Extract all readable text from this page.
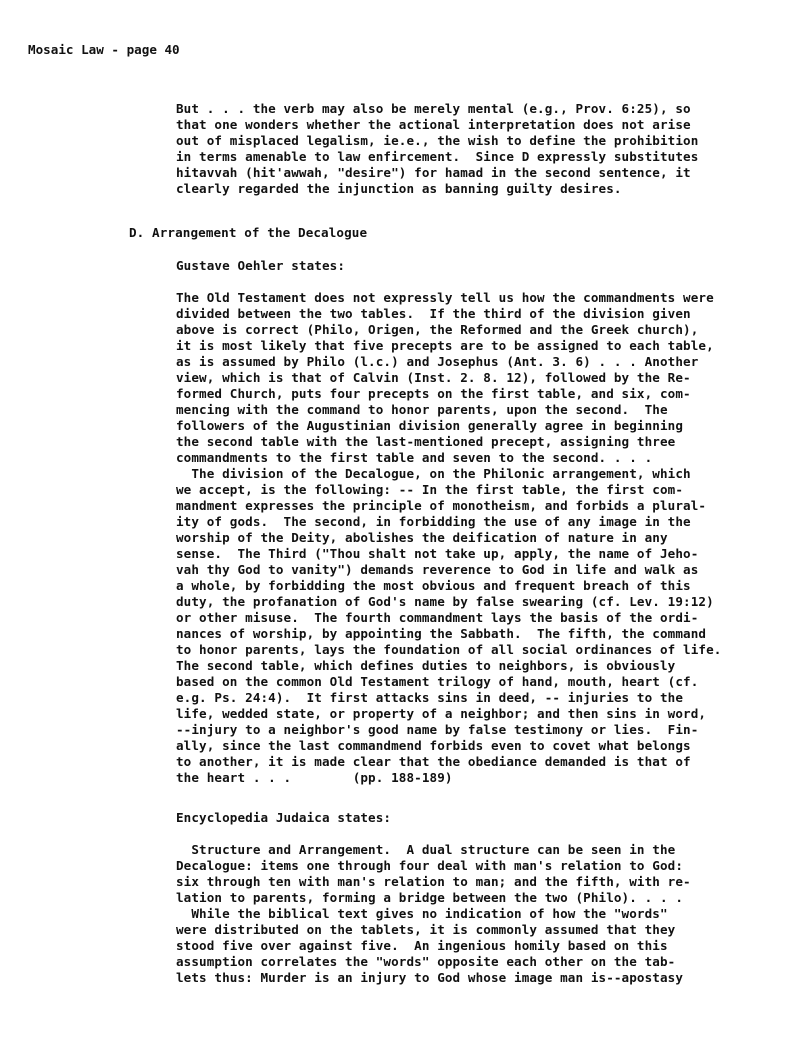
Mosaic Law - page 40
But . . . the verb may also be merely mental (e.g., Prov. 6:25), so
that one wonders whether the actional interpretation does not arise
out of misplaced legalism, ie.e., the wish to define the prohibition
in terms amenable to law enfircement.  Since D expressly substitutes
hitavvah (hit'awwah, "desire") for hamad in the second sentence, it
clearly regarded the injunction as banning guilty desires.
D. Arrangement of the Decalogue
Gustave Oehler states:
The Old Testament does not expressly tell us how the commandments were
divided between the two tables.  If the third of the division given
above is correct (Philo, Origen, the Reformed and the Greek church),
it is most likely that five precepts are to be assigned to each table,
as is assumed by Philo (l.c.) and Josephus (Ant. 3. 6) . . . Another
view, which is that of Calvin (Inst. 2. 8. 12), followed by the Re-
formed Church, puts four precepts on the first table, and six, com-
mencing with the command to honor parents, upon the second.  The
followers of the Augustinian division generally agree in beginning
the second table with the last-mentioned precept, assigning three
commandments to the first table and seven to the second. . . .
The division of the Decalogue, on the Philonic arrangement, which
we accept, is the following: -- In the first table, the first com-
mandment expresses the principle of monotheism, and forbids a plural-
ity of gods.  The second, in forbidding the use of any image in the
worship of the Deity, abolishes the deification of nature in any
sense.  The Third ("Thou shalt not take up, apply, the name of Jeho-
vah thy God to vanity") demands reverence to God in life and walk as
a whole, by forbidding the most obvious and frequent breach of this
duty, the profanation of God's name by false swearing (cf. Lev. 19:12)
or other misuse.  The fourth commandment lays the basis of the ordi-
nances of worship, by appointing the Sabbath.  The fifth, the command
to honor parents, lays the foundation of all social ordinances of life.
The second table, which defines duties to neighbors, is obviously
based on the common Old Testament trilogy of hand, mouth, heart (cf.
e.g. Ps. 24:4).  It first attacks sins in deed, -- injuries to the
life, wedded state, or property of a neighbor; and then sins in word,
--injury to a neighbor's good name by false testimony or lies.  Fin-
ally, since the last commandmend forbids even to covet what belongs
to another, it is made clear that the obediance demanded is that of
the heart . . .        (pp. 188-189)
Encyclopedia Judaica states:
Structure and Arrangement.  A dual structure can be seen in the
Decalogue: items one through four deal with man's relation to God:
six through ten with man's relation to man; and the fifth, with re-
lation to parents, forming a bridge between the two (Philo). . . .
While the biblical text gives no indication of how the "words"
were distributed on the tablets, it is commonly assumed that they
stood five over against five.  An ingenious homily based on this
assumption correlates the "words" opposite each other on the tab-
lets thus: Murder is an injury to God whose image man is--apostasy
